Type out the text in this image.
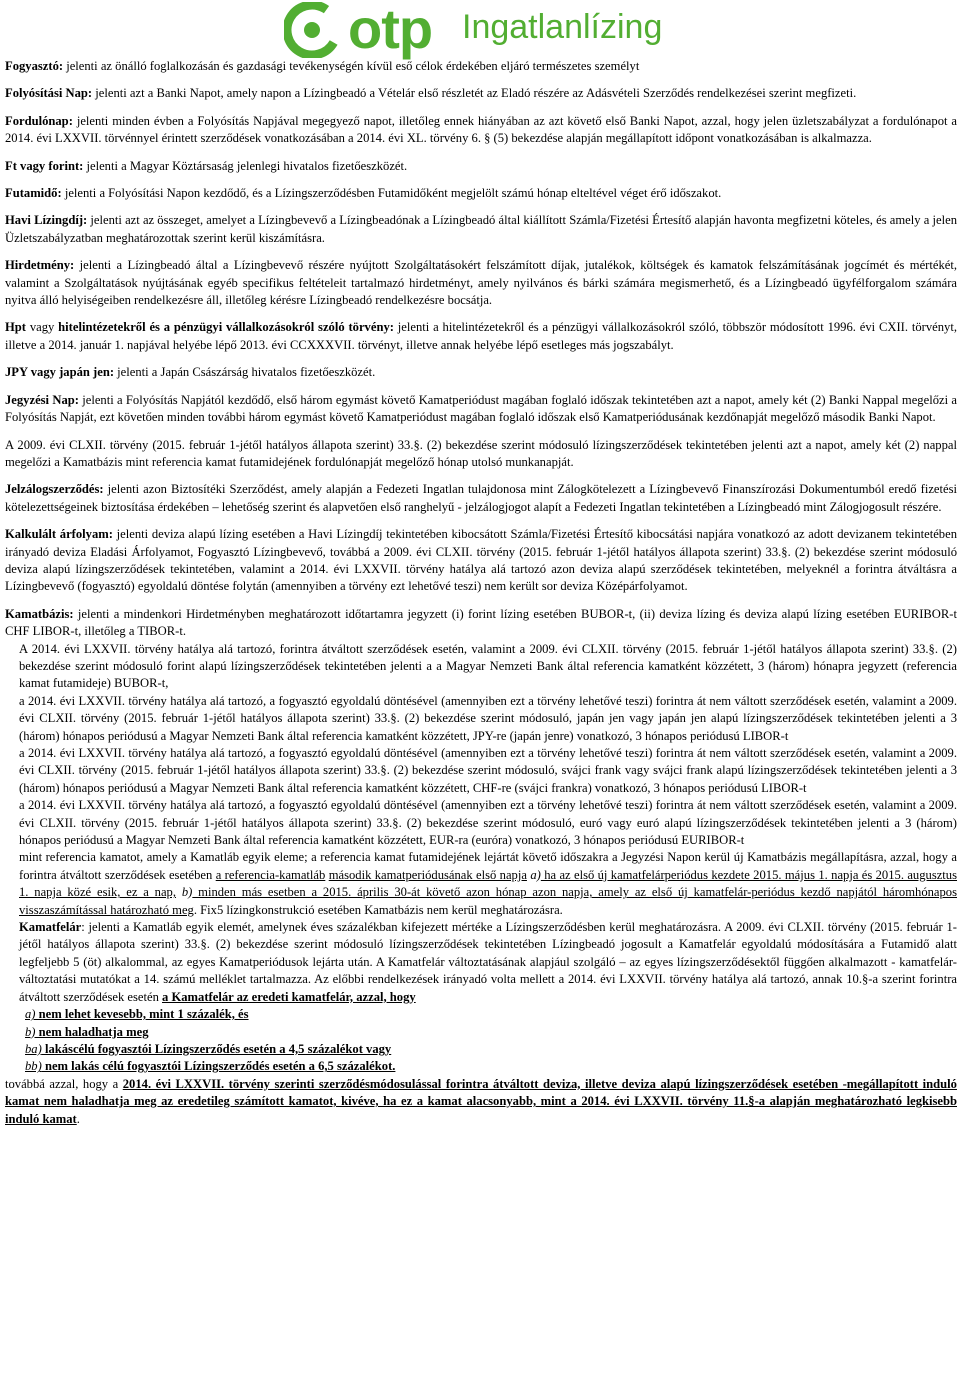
otp Ingatlanlízing

Fogyasztó: jelenti az önálló foglalkozásán és gazdasági tevékenységén kívül eső célok érdekében eljáró természetes személyt

Folyósítási Nap: jelenti azt a Banki Napot, amely napon a Lízingbeadó a Vételár első részletét az Eladó részére az Adásvételi Szerződés rendelkezései szerint megfizeti.

Fordulónap: jelenti minden évben a Folyósítás Napjával megegyező napot, illetőleg ennek hiányában az azt követő első Banki Napot, azzal, hogy jelen üzletszabályzat a fordulónapot a 2014. évi LXXVII. törvénnyel érintett szerződések vonatkozásában a 2014. évi XL. törvény 6. § (5) bekezdése alapján megállapított időpont vonatkozásában is alkalmazza.

Ft vagy forint: jelenti a Magyar Köztársaság jelenlegi hivatalos fizetőeszközét.

Futamidő: jelenti a Folyósítási Napon kezdődő, és a Lízingszerződésben Futamidőként megjelölt számú hónap elteltével véget érő időszakot.

Havi Lízingdíj: jelenti azt az összeget, amelyet a Lízingbevevő a Lízingbeadónak a Lízingbeadó által kiállított Számla/Fizetési Értesítő alapján havonta megfizetni köteles, és amely a jelen Üzletszabályzatban meghatározottak szerint kerül kiszámításra.

Hirdetmény: jelenti a Lízingbeadó által a Lízingbevevő részére nyújtott Szolgáltatásokért felszámított díjak, jutalékok, költségek és kamatok felszámításának jogcímét és mértékét, valamint a Szolgáltatások nyújtásának egyéb specifikus feltételeit tartalmazó hirdetményt, amely nyilvános és bárki számára megismerhető, és a Lízingbeadó ügyfélforgalom számára nyitva álló helyiségeiben rendelkezésre áll, illetőleg kérésre Lízingbeadó rendelkezésre bocsátja.

Hpt vagy hitelintézetekről és a pénzügyi vállalkozásokról szóló törvény: jelenti a hitelintézetekről és a pénzügyi vállalkozásokról szóló, többször módosított 1996. évi CXII. törvényt, illetve a 2014. január 1. napjával helyébe lépő 2013. évi CCXXXVII. törvényt, illetve annak helyébe lépő esetleges más jogszabályt.

JPY vagy japán jen: jelenti a Japán Császárság hivatalos fizetőeszközét.

Jegyzési Nap: jelenti a Folyósítás Napjától kezdődő, első három egymást követő Kamatperiódust magában foglaló időszak tekintetében azt a napot, amely két (2) Banki Nappal megelőzi a Folyósítás Napját, ezt követően minden további három egymást követő Kamatperiódust magában foglaló időszak első Kamatperiódusának kezdőnapját megelőző második Banki Napot.

A 2009. évi CLXII. törvény (2015. február 1-jétől hatályos állapota szerint) 33.§. (2) bekezdése szerint módosuló lízingszerződések tekintetében jelenti azt a napot, amely két (2) nappal megelőzi a Kamatbázis mint referencia kamat futamidejének fordulónapját megelőző hónap utolsó munkanapját.

Jelzálogszerződés: jelenti azon Biztosítéki Szerződést, amely alapján a Fedezeti Ingatlan tulajdonosa mint Zálogkötelezett a Lízingbevevő Finanszírozási Dokumentumból eredő fizetési kötelezettségeinek biztosítása érdekében – lehetőség szerint és alapvetően első ranghelyű - jelzálogjogot alapít a Fedezeti Ingatlan tekintetében a Lízingbeadó mint Zálogjogosult részére.

Kalkulált árfolyam: jelenti deviza alapú lízing esetében a Havi Lízingdíj tekintetében kibocsátott Számla/Fizetési Értesítő kibocsátási napjára vonatkozó az adott devizanem tekintetében irányadó deviza Eladási Árfolyamot, Fogyasztó Lízingbevevő, továbbá a 2009. évi CLXII. törvény (2015. február 1-jétől hatályos állapota szerint) 33.§. (2) bekezdése szerint módosuló deviza alapú lízingszerződések tekintetében, valamint a 2014. évi LXXVII. törvény hatálya alá tartozó azon deviza alapú szerződések tekintetében, melyeknél a forintra átváltásra a Lízingbevevő (fogyasztó) egyoldalú döntése folytán (amennyiben a törvény ezt lehetővé teszi) nem került sor deviza Középárfolyamot.

Kamatbázis: jelenti a mindenkori Hirdetményben meghatározott időtartamra jegyzett (i) forint lízing esetében BUBOR-t, (ii) deviza lízing és deviza alapú lízing esetében EURIBOR-t CHF LIBOR-t, illetőleg a TIBOR-t.

A 2014. évi LXXVII. törvény hatálya alá tartozó, forintra átváltott szerződések esetén, valamint a 2009. évi CLXII. törvény (2015. február 1-jétől hatályos állapota szerint) 33.§. (2) bekezdése szerint módosuló forint alapú lízingszerződések tekintetében jelenti a a Magyar Nemzeti Bank által referencia kamatként közzétett, 3 (három) hónapra jegyzett (referencia kamat futamideje) BUBOR-t,

a 2014. évi LXXVII. törvény hatálya alá tartozó, a fogyasztó egyoldalú döntésével (amennyiben ezt a törvény lehetővé teszi) forintra át nem váltott szerződések esetén, valamint a 2009. évi CLXII. törvény (2015. február 1-jétől hatályos állapota szerint) 33.§. (2) bekezdése szerint módosuló, japán jen vagy japán jen alapú lízingszerződések tekintetében jelenti a 3 (három) hónapos periódusú a Magyar Nemzeti Bank által referencia kamatként közzétett, JPY-re (japán jenre) vonatkozó, 3 hónapos periódusú LIBOR-t

a 2014. évi LXXVII. törvény hatálya alá tartozó, a fogyasztó egyoldalú döntésével (amennyiben ezt a törvény lehetővé teszi) forintra át nem váltott szerződések esetén, valamint a 2009. évi CLXII. törvény (2015. február 1-jétől hatályos állapota szerint) 33.§. (2) bekezdése szerint módosuló, svájci frank vagy svájci frank alapú lízingszerződések tekintetében jelenti a 3 (három) hónapos periódusú a Magyar Nemzeti Bank által referencia kamatként közzétett, CHF-re (svájci frankra) vonatkozó, 3 hónapos periódusú LIBOR-t

a 2014. évi LXXVII. törvény hatálya alá tartozó, a fogyasztó egyoldalú döntésével (amennyiben ezt a törvény lehetővé teszi) forintra át nem váltott szerződések esetén, valamint a 2009. évi CLXII. törvény (2015. február 1-jétől hatályos állapota szerint) 33.§. (2) bekezdése szerint módosuló, euró vagy euró alapú lízingszerződések tekintetében jelenti a 3 (három) hónapos periódusú a Magyar Nemzeti Bank által referencia kamatként közzétett, EUR-ra (euróra) vonatkozó, 3 hónapos periódusú EURIBOR-t

mint referencia kamatot, amely a Kamatláb egyik eleme; a referencia kamat futamidejének lejártát követő időszakra a Jegyzési Napon kerül új Kamatbázis megállapításra, azzal, hogy a forintra átváltott szerződések esetében a referencia-kamatláb második kamatperiódusának első napja a) ha az első új kamatfelárperiódus kezdete 2015. május 1. napja és 2015. augusztus 1. napja közé esik, ez a nap, b) minden más esetben a 2015. április 30-át követő azon hónap azon napja, amely az első új kamatfelár-periódus kezdő napjától háromhónapos visszaszámítással határozható meg. Fix5 lízingkonstrukció esetében Kamatbázis nem kerül meghatározásra.

Kamatfelár: jelenti a Kamatláb egyik elemét, amelynek éves százalékban kifejezett mértéke a Lízingszerződésben kerül meghatározásra. A 2009. évi CLXII. törvény (2015. február 1-jétől hatályos állapota szerint) 33.§. (2) bekezdése szerint módosuló lízingszerződések tekintetében Lízingbeadó jogosult a Kamatfelár egyoldalú módosítására a Futamidő alatt legfeljebb 5 (öt) alkalommal, az egyes Kamatperiódusok lejárta után. A Kamatfelár változtatásának alapjául szolgáló – az egyes lízingszerződésektől függően alkalmazott - kamatfelár-változtatási mutatókat a 14. számú melléklet tartalmazza. Az előbbi rendelkezések irányadó volta mellett a 2014. évi LXXVII. törvény hatálya alá tartozó, annak 10.§-a szerint forintra átváltott szerződések esetén a Kamatfelár az eredeti kamatfelár, azzal, hogy

a) nem lehet kevesebb, mint 1 százalék, és

b) nem haladhatja meg

ba) lakáscélú fogyasztói Lízingszerződés esetén a 4,5 százalékot vagy

bb) nem lakás célú fogyasztói Lízingszerződés esetén a 6,5 százalékot.

továbbá azzal, hogy a 2014. évi LXXVII. törvény szerinti szerződésmódosulással forintra átváltott deviza, illetve deviza alapú lízingszerződések esetében -megállapított induló kamat nem haladhatja meg az eredetileg számított kamatot, kivéve, ha ez a kamat alacsonyabb, mint a 2014. évi LXXVII. törvény 11.§-a alapján meghatározható legkisebb induló kamat.
